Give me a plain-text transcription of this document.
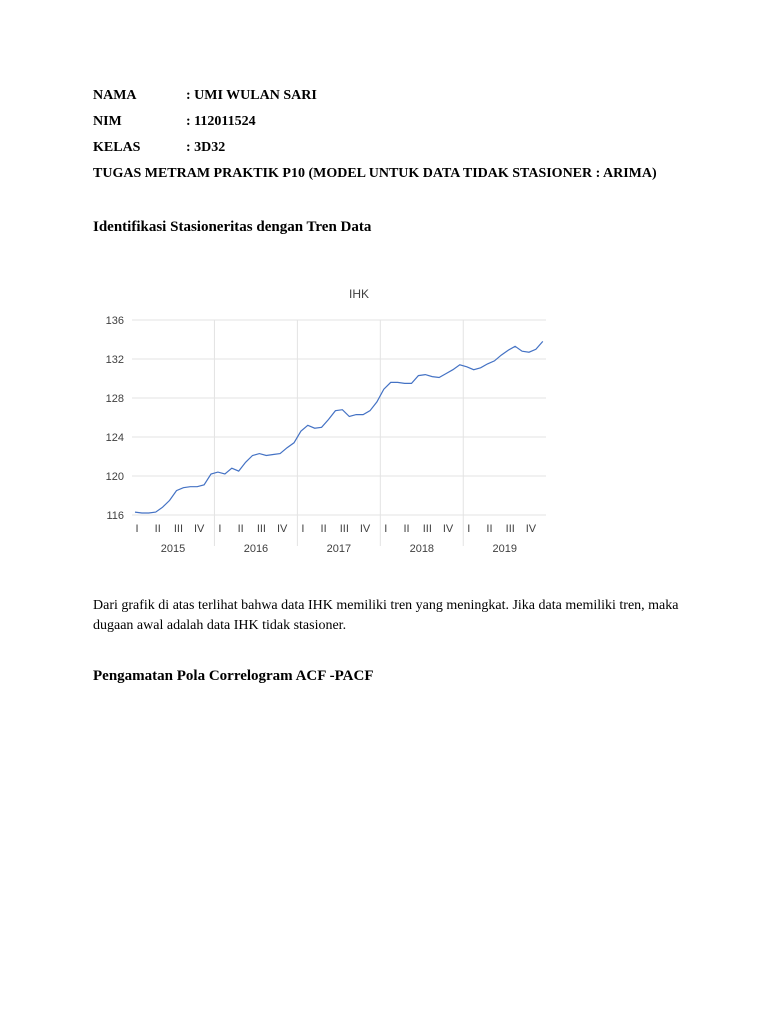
NAMA	: UMI WULAN SARI
NIM	: 112011524
KELAS	: 3D32
TUGAS METRAM PRAKTIK P10 (MODEL UNTUK DATA TIDAK STASIONER : ARIMA)
Identifikasi Stasioneritas dengan Tren Data
IHK
116
120
124
128
132
136
I II III IV
2015
I II III IV
2016
I II III IV
2017
I II III IV
2018
I II III IV
2019
Dari grafik di atas terlihat bahwa data IHK memiliki tren yang meningkat. Jika data memiliki tren, maka dugaan awal adalah data IHK tidak stasioner.
Pengamatan Pola Correlogram ACF -PACF
